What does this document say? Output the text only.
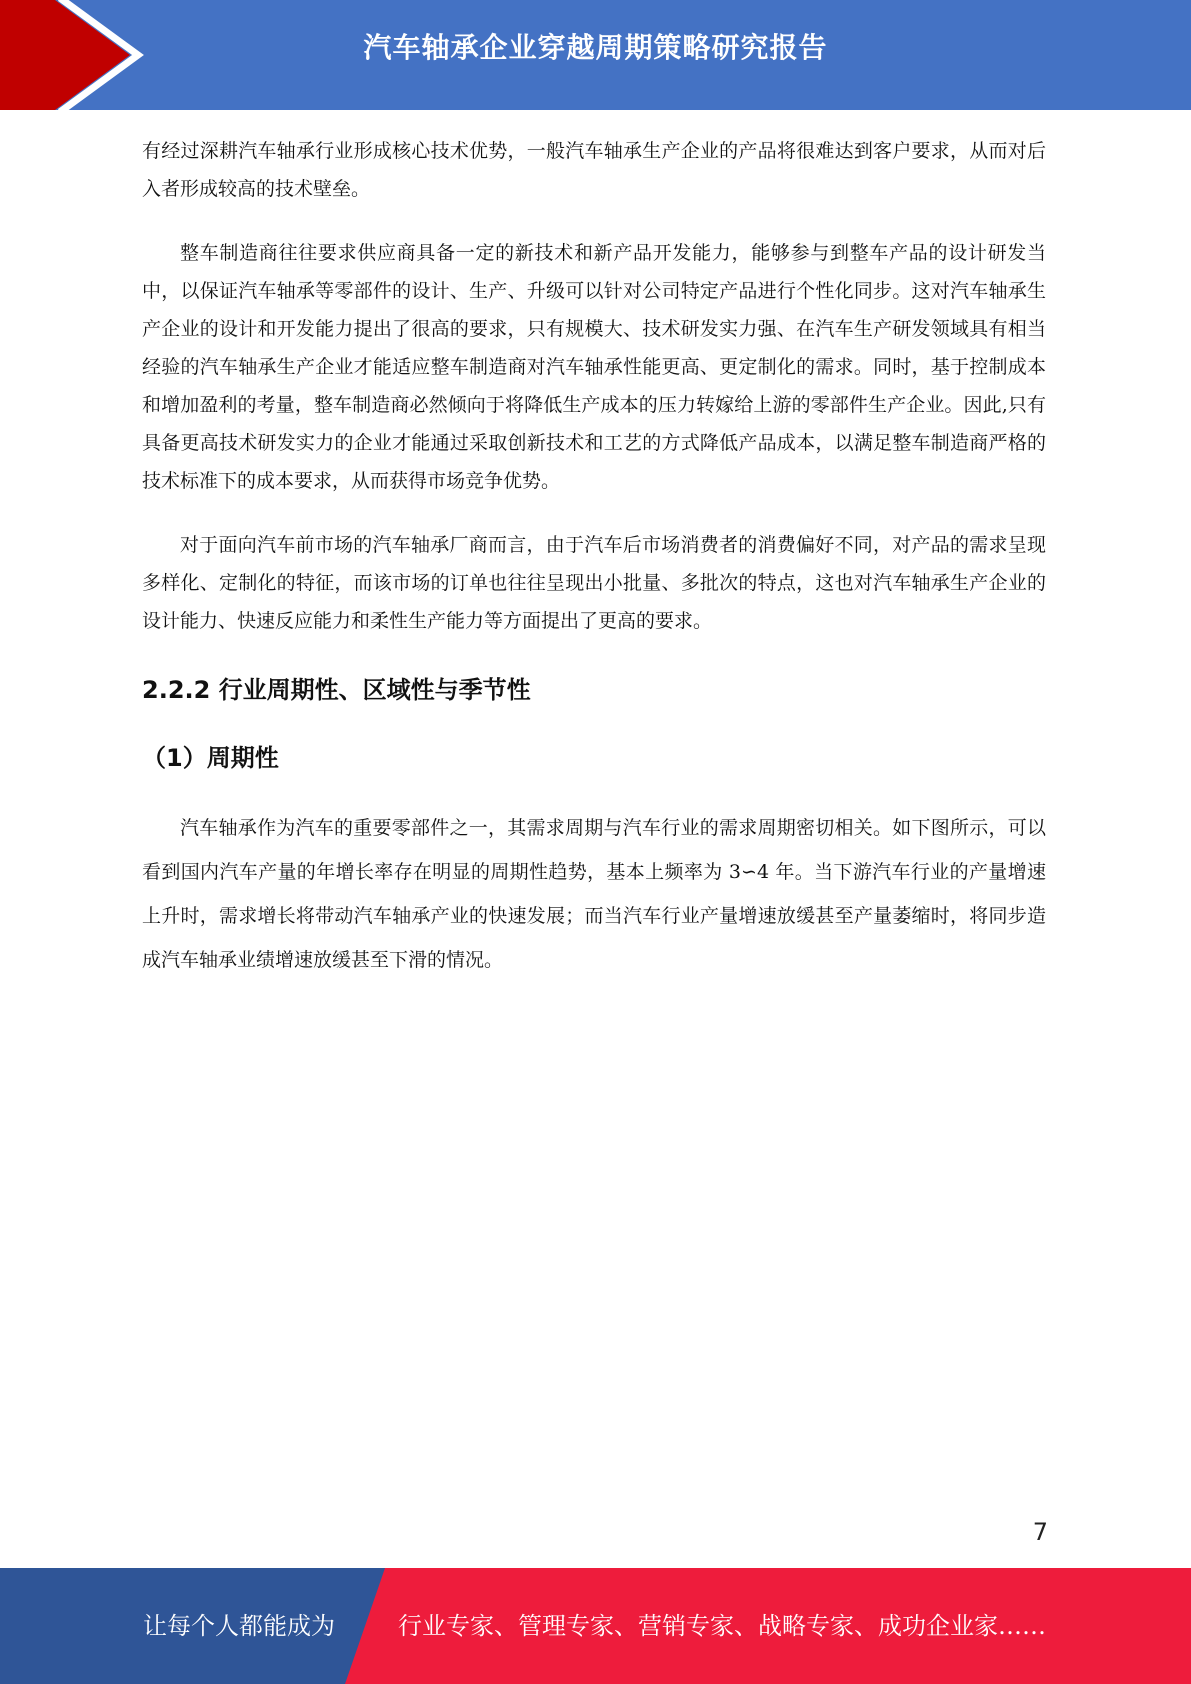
汽车轴承企业穿越周期策略研究报告

有经过深耕汽车轴承行业形成核心技术优势，一般汽车轴承生产企业的产品将很难达到客户要求，从而对后入者形成较高的技术壁垒。

整车制造商往往要求供应商具备一定的新技术和新产品开发能力，能够参与到整车产品的设计研发当中，以保证汽车轴承等零部件的设计、生产、升级可以针对公司特定产品进行个性化同步。这对汽车轴承生产企业的设计和开发能力提出了很高的要求，只有规模大、技术研发实力强、在汽车生产研发领域具有相当经验的汽车轴承生产企业才能适应整车制造商对汽车轴承性能更高、更定制化的需求。同时，基于控制成本和增加盈利的考量，整车制造商必然倾向于将降低生产成本的压力转嫁给上游的零部件生产企业。因此,只有具备更高技术研发实力的企业才能通过采取创新技术和工艺的方式降低产品成本，以满足整车制造商严格的技术标准下的成本要求，从而获得市场竞争优势。

对于面向汽车前市场的汽车轴承厂商而言，由于汽车后市场消费者的消费偏好不同，对产品的需求呈现多样化、定制化的特征，而该市场的订单也往往呈现出小批量、多批次的特点，这也对汽车轴承生产企业的设计能力、快速反应能力和柔性生产能力等方面提出了更高的要求。

2.2.2 行业周期性、区域性与季节性
（1）周期性

汽车轴承作为汽车的重要零部件之一，其需求周期与汽车行业的需求周期密切相关。如下图所示，可以看到国内汽车产量的年增长率存在明显的周期性趋势，基本上频率为 3∽4 年。当下游汽车行业的产量增速上升时，需求增长将带动汽车轴承产业的快速发展；而当汽车行业产量增速放缓甚至产量萎缩时，将同步造成汽车轴承业绩增速放缓甚至下滑的情况。

7
让每个人都能成为	行业专家、管理专家、营销专家、战略专家、成功企业家……
